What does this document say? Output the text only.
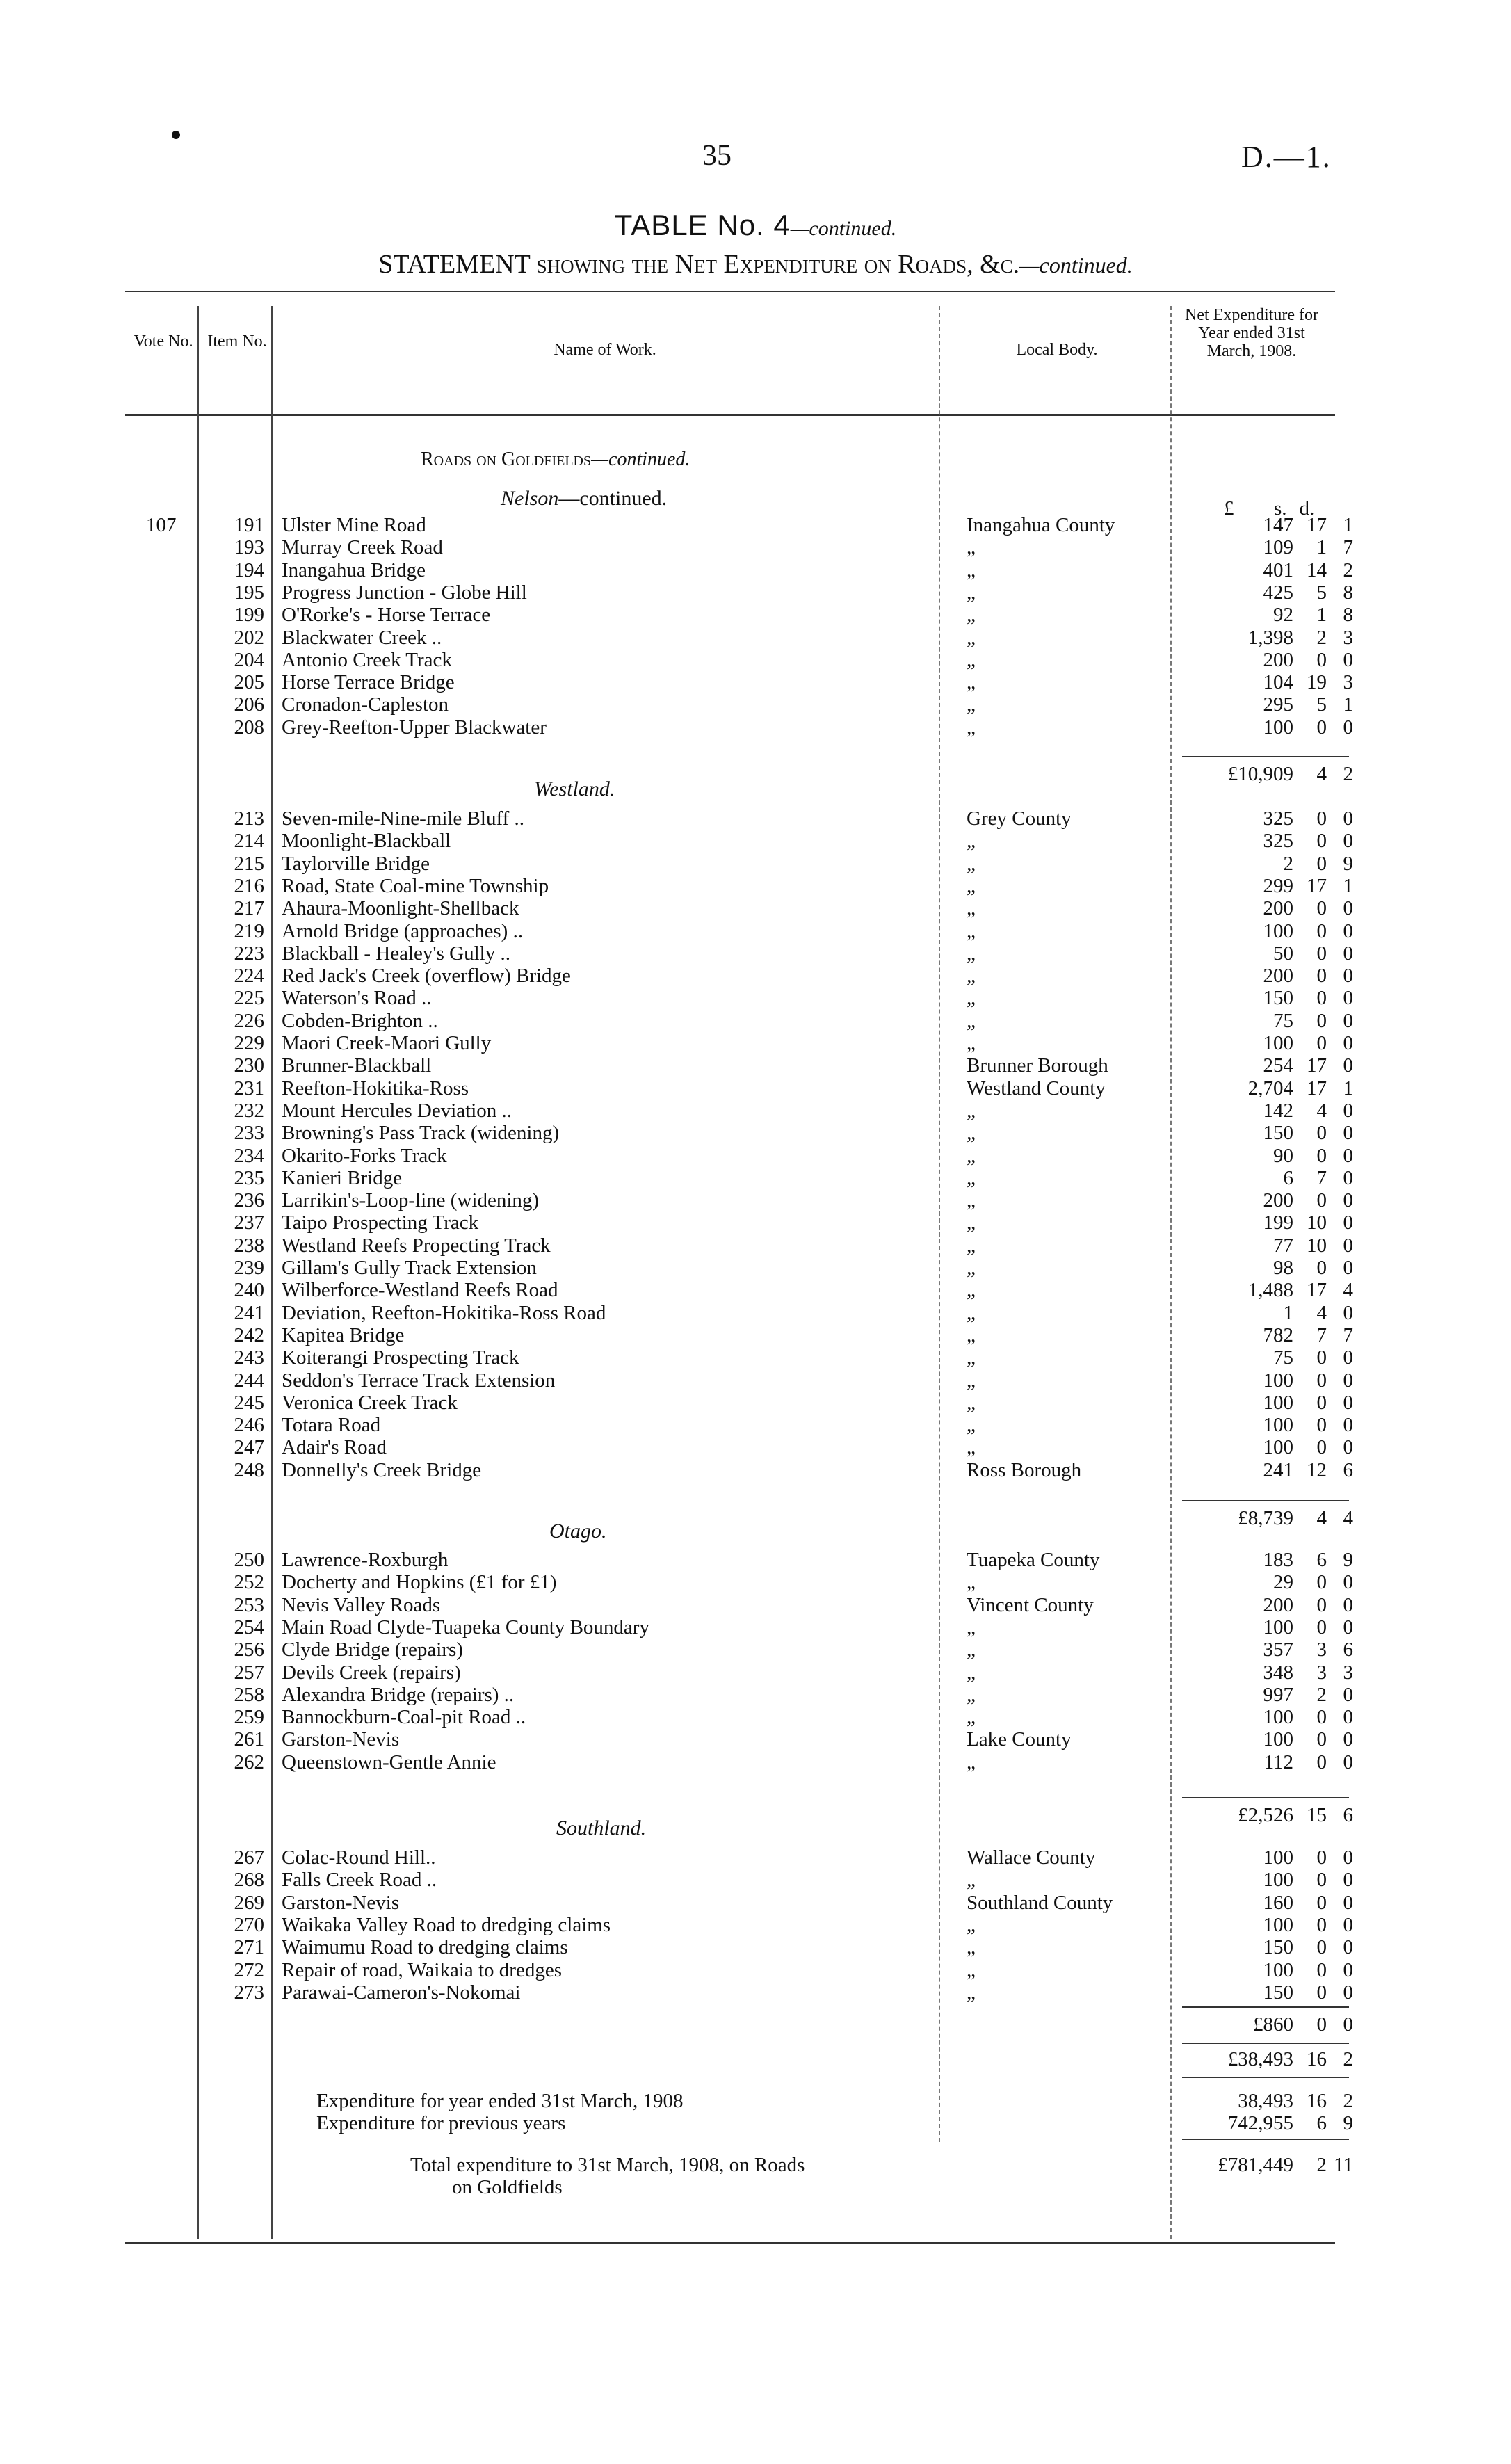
35	D.—1.
TABLE No. 4—continued.
STATEMENT showing the Net Expenditure on Roads, &c.—continued.
Vote No. Item No.	Name of Work.	Local Body.
Net Expenditure for Year ended 31st March, 1908.
Roads on Goldfields—continued.
£ s. d.
Nelson—continued.
107	191 Ulster Mine Road	Inangahua County	147 17 1
193 Murray Creek Road	„	109	1 7
194 Inangahua Bridge	„	401 14 2
195 Progress Junction - Globe Hill	„	425	5 8
199 O'Rorke's - Horse Terrace	„	92	1 8
202 Blackwater Creek ..	„	1,398	2 3
204 Antonio Creek Track	„	200	0 0
205 Horse Terrace Bridge	„	104 19 3
206 Cronadon-Capleston	„	295	5 1
208 Grey-Reefton-Upper Blackwater	„	100	0 0
£10,909	4 2
Westland.
213 Seven-mile-Nine-mile Bluff ..	Grey County	325	0 0
214 Moonlight-Blackball	„	325	0 0
215 Taylorville Bridge	„	2	0 9
216 Road, State Coal-mine Township	„	299 17 1
217 Ahaura-Moonlight-Shellback	„	200	0 0
219 Arnold Bridge (approaches) ..	„	100	0 0
223 Blackball - Healey's Gully ..	„	50	0 0
224 Red Jack's Creek (overflow) Bridge	„	200	0 0
225 Waterson's Road ..	„	150	0 0
226 Cobden-Brighton ..	„	75	0 0
229 Maori Creek-Maori Gully	„	100	0 0
230 Brunner-Blackball	Brunner Borough	254 17 0
231 Reefton-Hokitika-Ross	Westland County	2,704 17 1
232 Mount Hercules Deviation ..	„	142	4 0
233 Browning's Pass Track (widening)	„	150	0 0
234 Okarito-Forks Track	„	90	0 0
235 Kanieri Bridge	„	6	7 0
236 Larrikin's-Loop-line (widening)	„	200	0 0
237 Taipo Prospecting Track	„	199 10 0
238 Westland Reefs Propecting Track	„	77 10 0
239 Gillam's Gully Track Extension	„	98	0 0
240 Wilberforce-Westland Reefs Road	„	1,488 17 4
241 Deviation, Reefton-Hokitika-Ross Road	„	1	4 0
242 Kapitea Bridge	„	782	7 7
243 Koiterangi Prospecting Track	„	75	0 0
244 Seddon's Terrace Track Extension	„	100	0 0
245 Veronica Creek Track	„	100	0 0
246 Totara Road	„	100	0 0
247 Adair's Road	„	100	0 0
248 Donnelly's Creek Bridge	Ross Borough	241 12 6
£8,739	4 4
Otago.
250 Lawrence-Roxburgh	Tuapeka County	183	6 9
252 Docherty and Hopkins (£1 for £1)	„	29	0 0
253 Nevis Valley Roads	Vincent County	200	0 0
254 Main Road Clyde-Tuapeka County Boundary	„	100	0 0
256 Clyde Bridge (repairs)	„	357	3 6
257 Devils Creek (repairs)	„	348	3 3
258 Alexandra Bridge (repairs) ..	„	997	2 0
259 Bannockburn-Coal-pit Road ..	„	100	0 0
261 Garston-Nevis	Lake County	100	0 0
262 Queenstown-Gentle Annie	„	112	0 0
£2,526 15 6
Southland.
267 Colac-Round Hill..	Wallace County	100	0 0
268 Falls Creek Road ..	„	100	0 0
269 Garston-Nevis	Southland County	160	0 0
270 Waikaka Valley Road to dredging claims	„	100	0 0
271 Waimumu Road to dredging claims	„	150	0 0
272 Repair of road, Waikaia to dredges	„	100	0 0
273 Parawai-Cameron's-Nokomai	„	150	0 0
£860	0 0
£38,493 16 2
Expenditure for year ended 31st March, 1908	38,493 16 2
Expenditure for previous years	742,955	6 9
Total expenditure to 31st March, 1908, on Roads	£781,449	2 11
on Goldfields
